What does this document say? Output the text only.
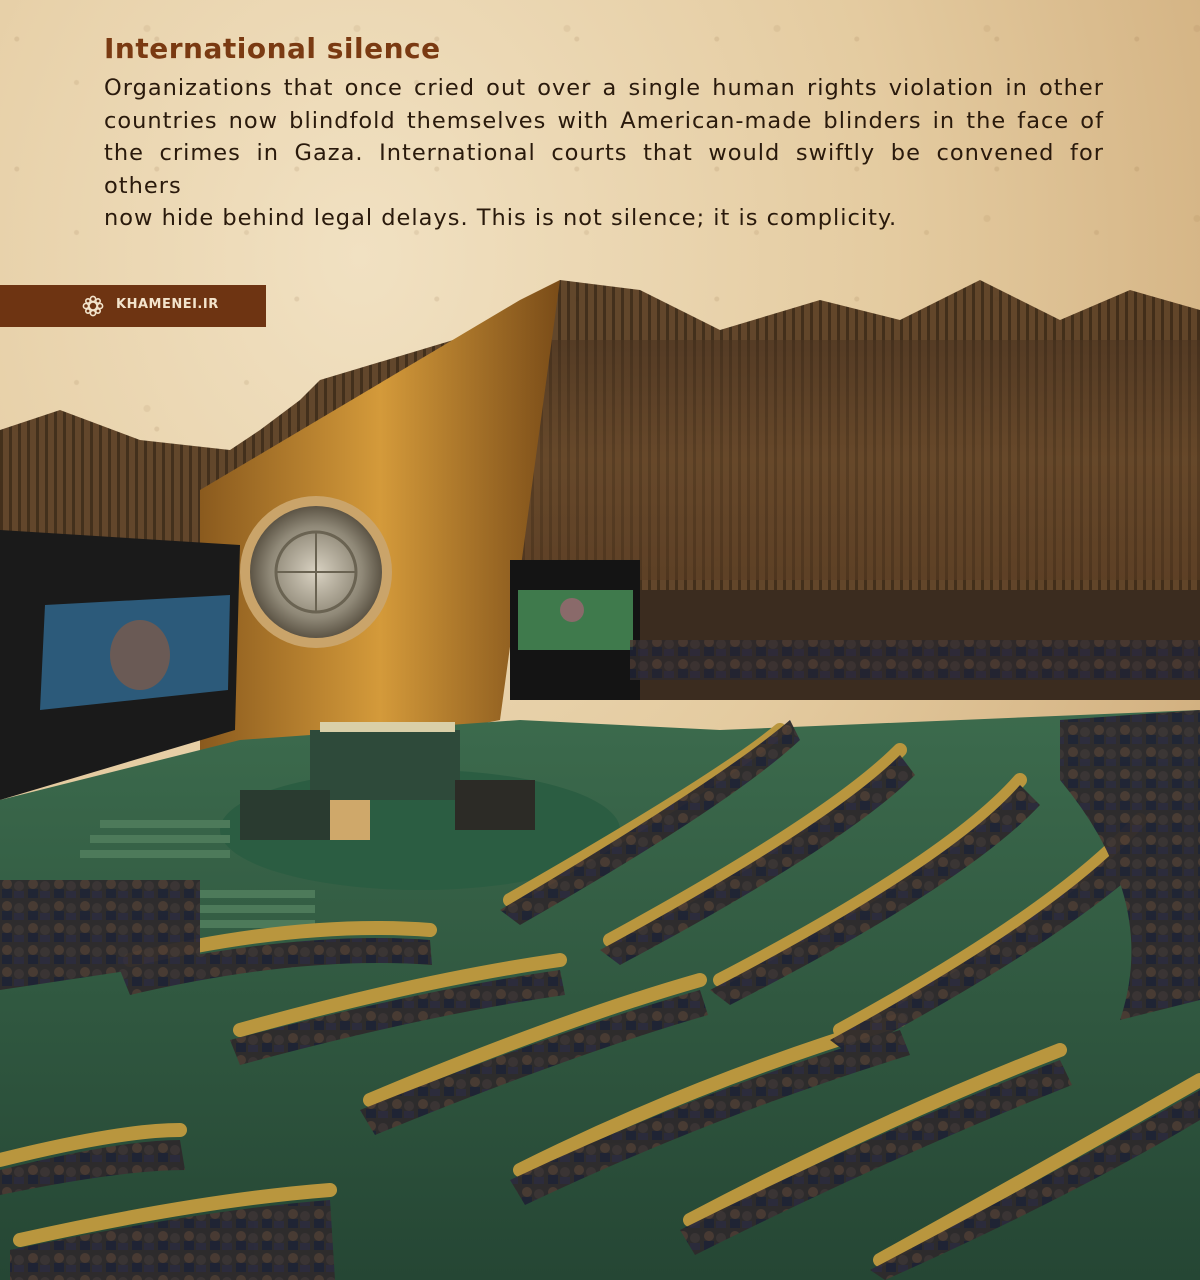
International silence

Organizations that once cried out over a single human rights violation in other countries now blindfold themselves with American-made blinders in the face of the crimes in Gaza. International courts that would swiftly be convened for others
now hide behind legal delays. This is not silence; it is complicity.

KHAMENEI.IR
